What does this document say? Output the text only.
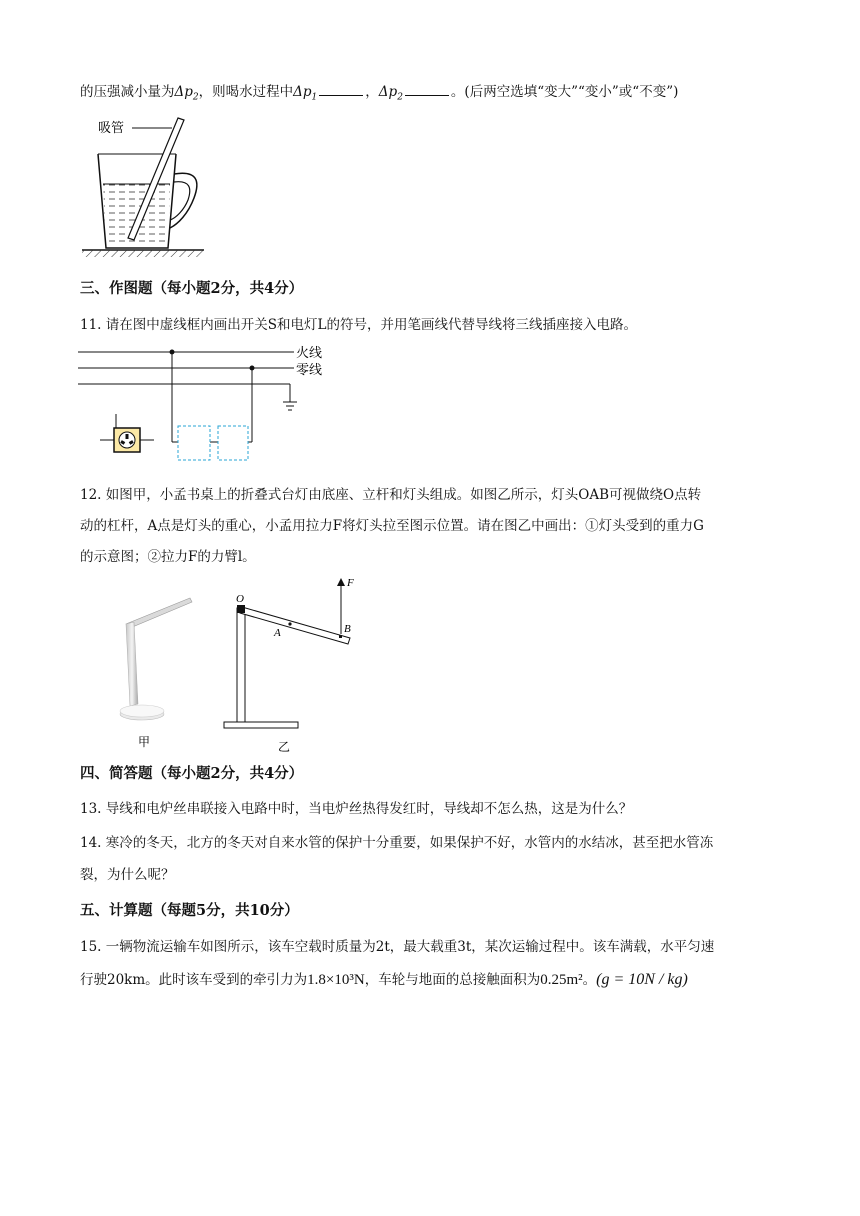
的压强减小量为$\Delta p_2$，则喝水过程中$\Delta p_1$	，$\Delta p_2$	。(后两空选填“变大”“变小”或“不变”)
吸管
三、作图题（每小题2分，共4分）
11. 请在图中虚线框内画出开关S和电灯L的符号，并用笔画线代替导线将三线插座接入电路。
火线
零线
12. 如图甲，小孟书桌上的折叠式台灯由底座、立杆和灯头组成。如图乙所示，灯头OAB可视做绕O点转
动的杠杆，A点是灯头的重心，小孟用拉力F将灯头拉至图示位置。请在图乙中画出：①灯头受到的重力G
的示意图；②拉力F的力臂l。
甲
F
O
A	B
乙
四、简答题（每小题2分，共4分）
13. 导线和电炉丝串联接入电路中时，当电炉丝热得发红时，导线却不怎么热，这是为什么？
14. 寒冷的冬天，北方的冬天对自来水管的保护十分重要，如果保护不好，水管内的水结冰，甚至把水管冻
裂，为什么呢？
五、计算题（每题5分，共10分）
15. 一辆物流运输车如图所示，该车空载时质量为2t，最大载重3t，某次运输过程中。该车满载，水平匀速
行驶20km。此时该车受到的牵引力为1.8×10³N，车轮与地面的总接触面积为0.25m²。(g = 10N / kg)
